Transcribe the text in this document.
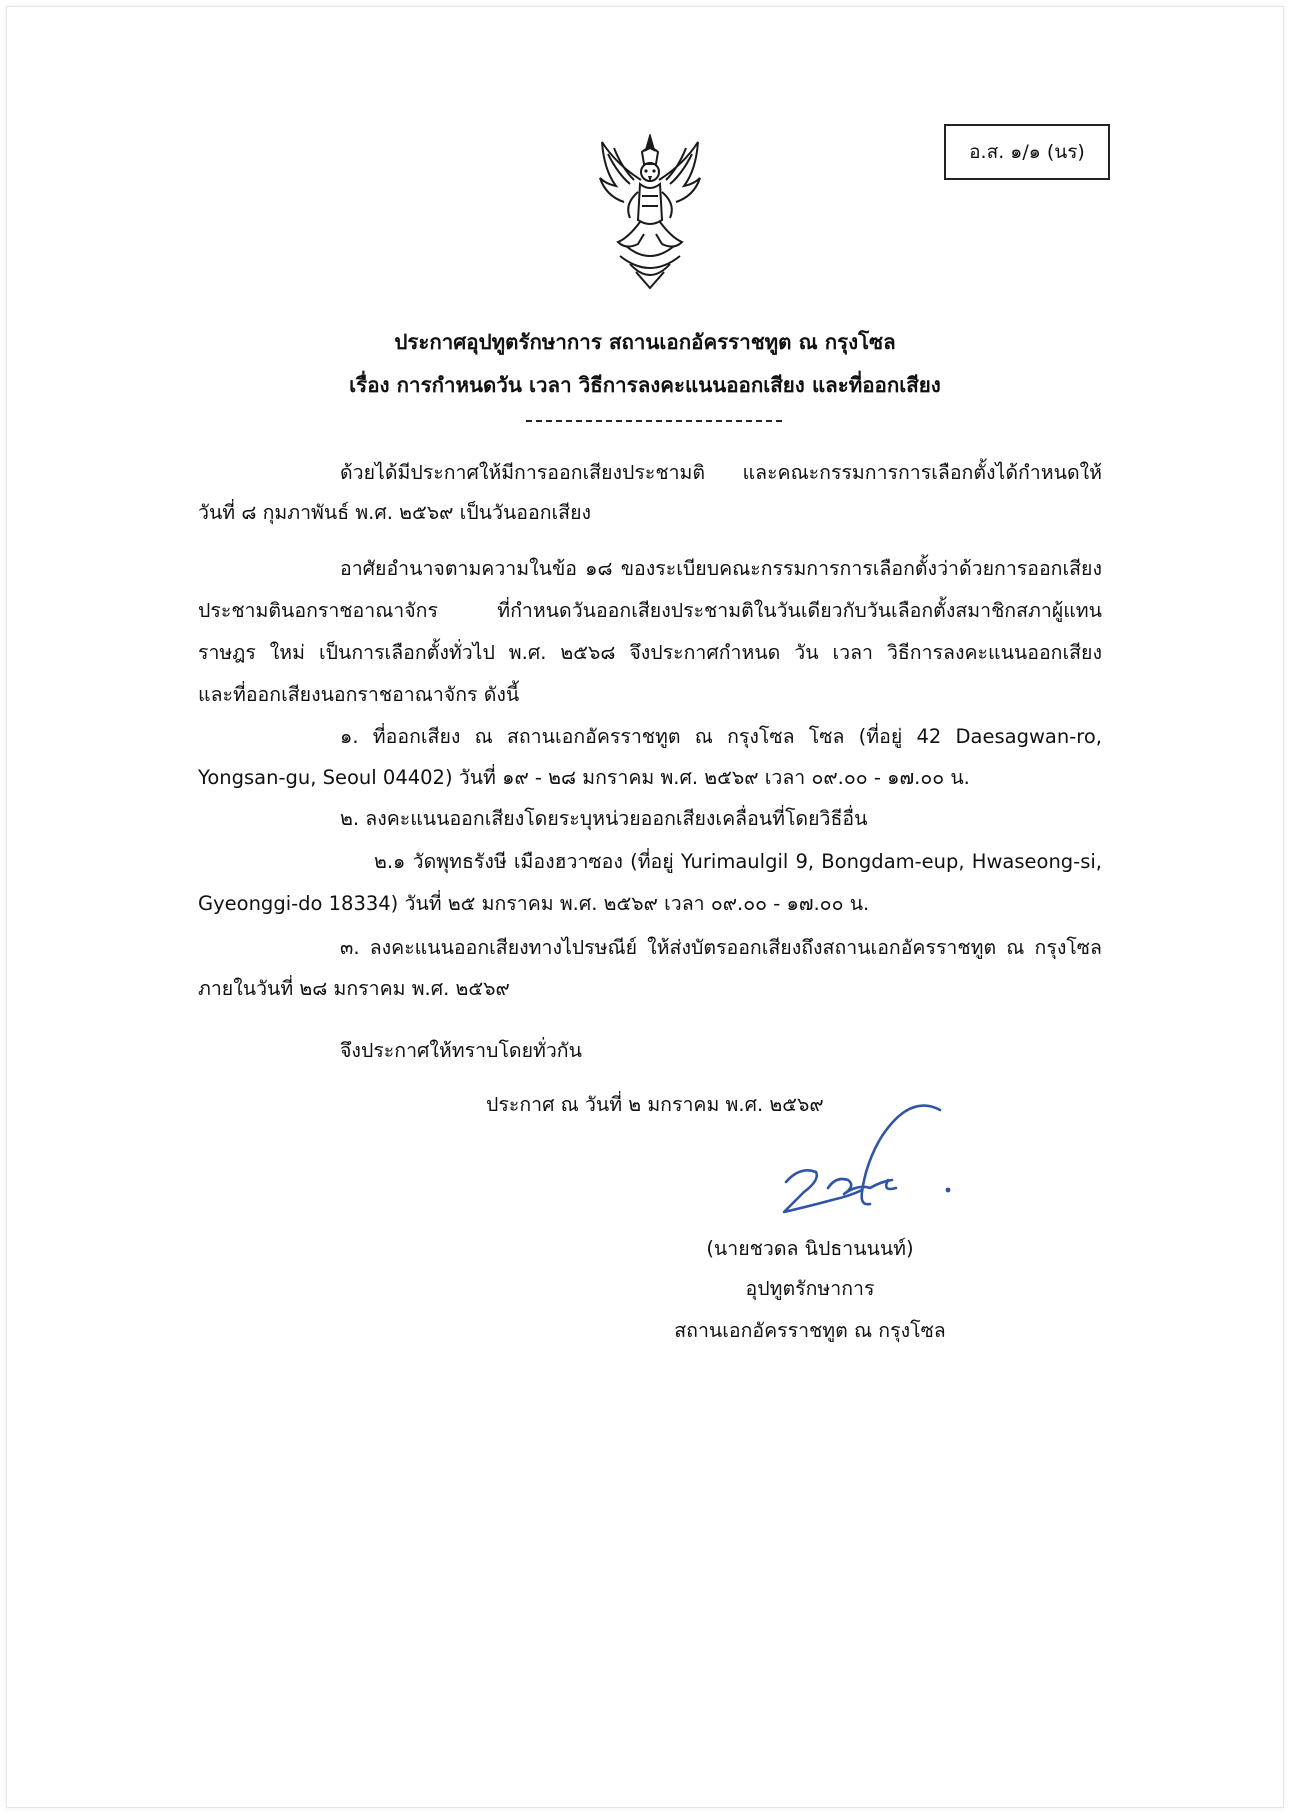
อ.ส. ๑/๑ (นร)
ประกาศอุปทูตรักษาการ สถานเอกอัครราชทูต ณ กรุงโซล
เรื่อง การกำหนดวัน เวลา วิธีการลงคะแนนออกเสียง และที่ออกเสียง
ด้วยได้มีประกาศให้มีการออกเสียงประชามติ และคณะกรรมการการเลือกตั้งได้กำหนดให้
วันที่ ๘ กุมภาพันธ์ พ.ศ. ๒๕๖๙ เป็นวันออกเสียง
อาศัยอำนาจตามความในข้อ ๑๘ ของระเบียบคณะกรรมการการเลือกตั้งว่าด้วยการออกเสียง
ประชามตินอกราชอาณาจักร ที่กำหนดวันออกเสียงประชามติในวันเดียวกับวันเลือกตั้งสมาชิกสภาผู้แทน
ราษฎร ใหม่ เป็นการเลือกตั้งทั่วไป พ.ศ. ๒๕๖๘ จึงประกาศกำหนด วัน เวลา วิธีการลงคะแนนออกเสียง
และที่ออกเสียงนอกราชอาณาจักร ดังนี้
๑. ที่ออกเสียง ณ สถานเอกอัครราชทูต ณ กรุงโซล โซล (ที่อยู่ 42 Daesagwan-ro,
Yongsan-gu, Seoul 04402) วันที่ ๑๙ - ๒๘ มกราคม พ.ศ. ๒๕๖๙ เวลา ๐๙.๐๐ - ๑๗.๐๐ น.
๒. ลงคะแนนออกเสียงโดยระบุหน่วยออกเสียงเคลื่อนที่โดยวิธีอื่น
๒.๑ วัดพุทธรังษี เมืองฮวาซอง (ที่อยู่ Yurimaulgil 9, Bongdam-eup, Hwaseong-si,
Gyeonggi-do 18334) วันที่ ๒๕ มกราคม พ.ศ. ๒๕๖๙ เวลา ๐๙.๐๐ - ๑๗.๐๐ น.
๓. ลงคะแนนออกเสียงทางไปรษณีย์ ให้ส่งบัตรออกเสียงถึงสถานเอกอัครราชทูต ณ กรุงโซล
ภายในวันที่ ๒๘ มกราคม พ.ศ. ๒๕๖๙
จึงประกาศให้ทราบโดยทั่วกัน
ประกาศ ณ วันที่ ๒ มกราคม พ.ศ. ๒๕๖๙
(นายชวดล นิปธานนนท์)
อุปทูตรักษาการ
สถานเอกอัครราชทูต ณ กรุงโซล
